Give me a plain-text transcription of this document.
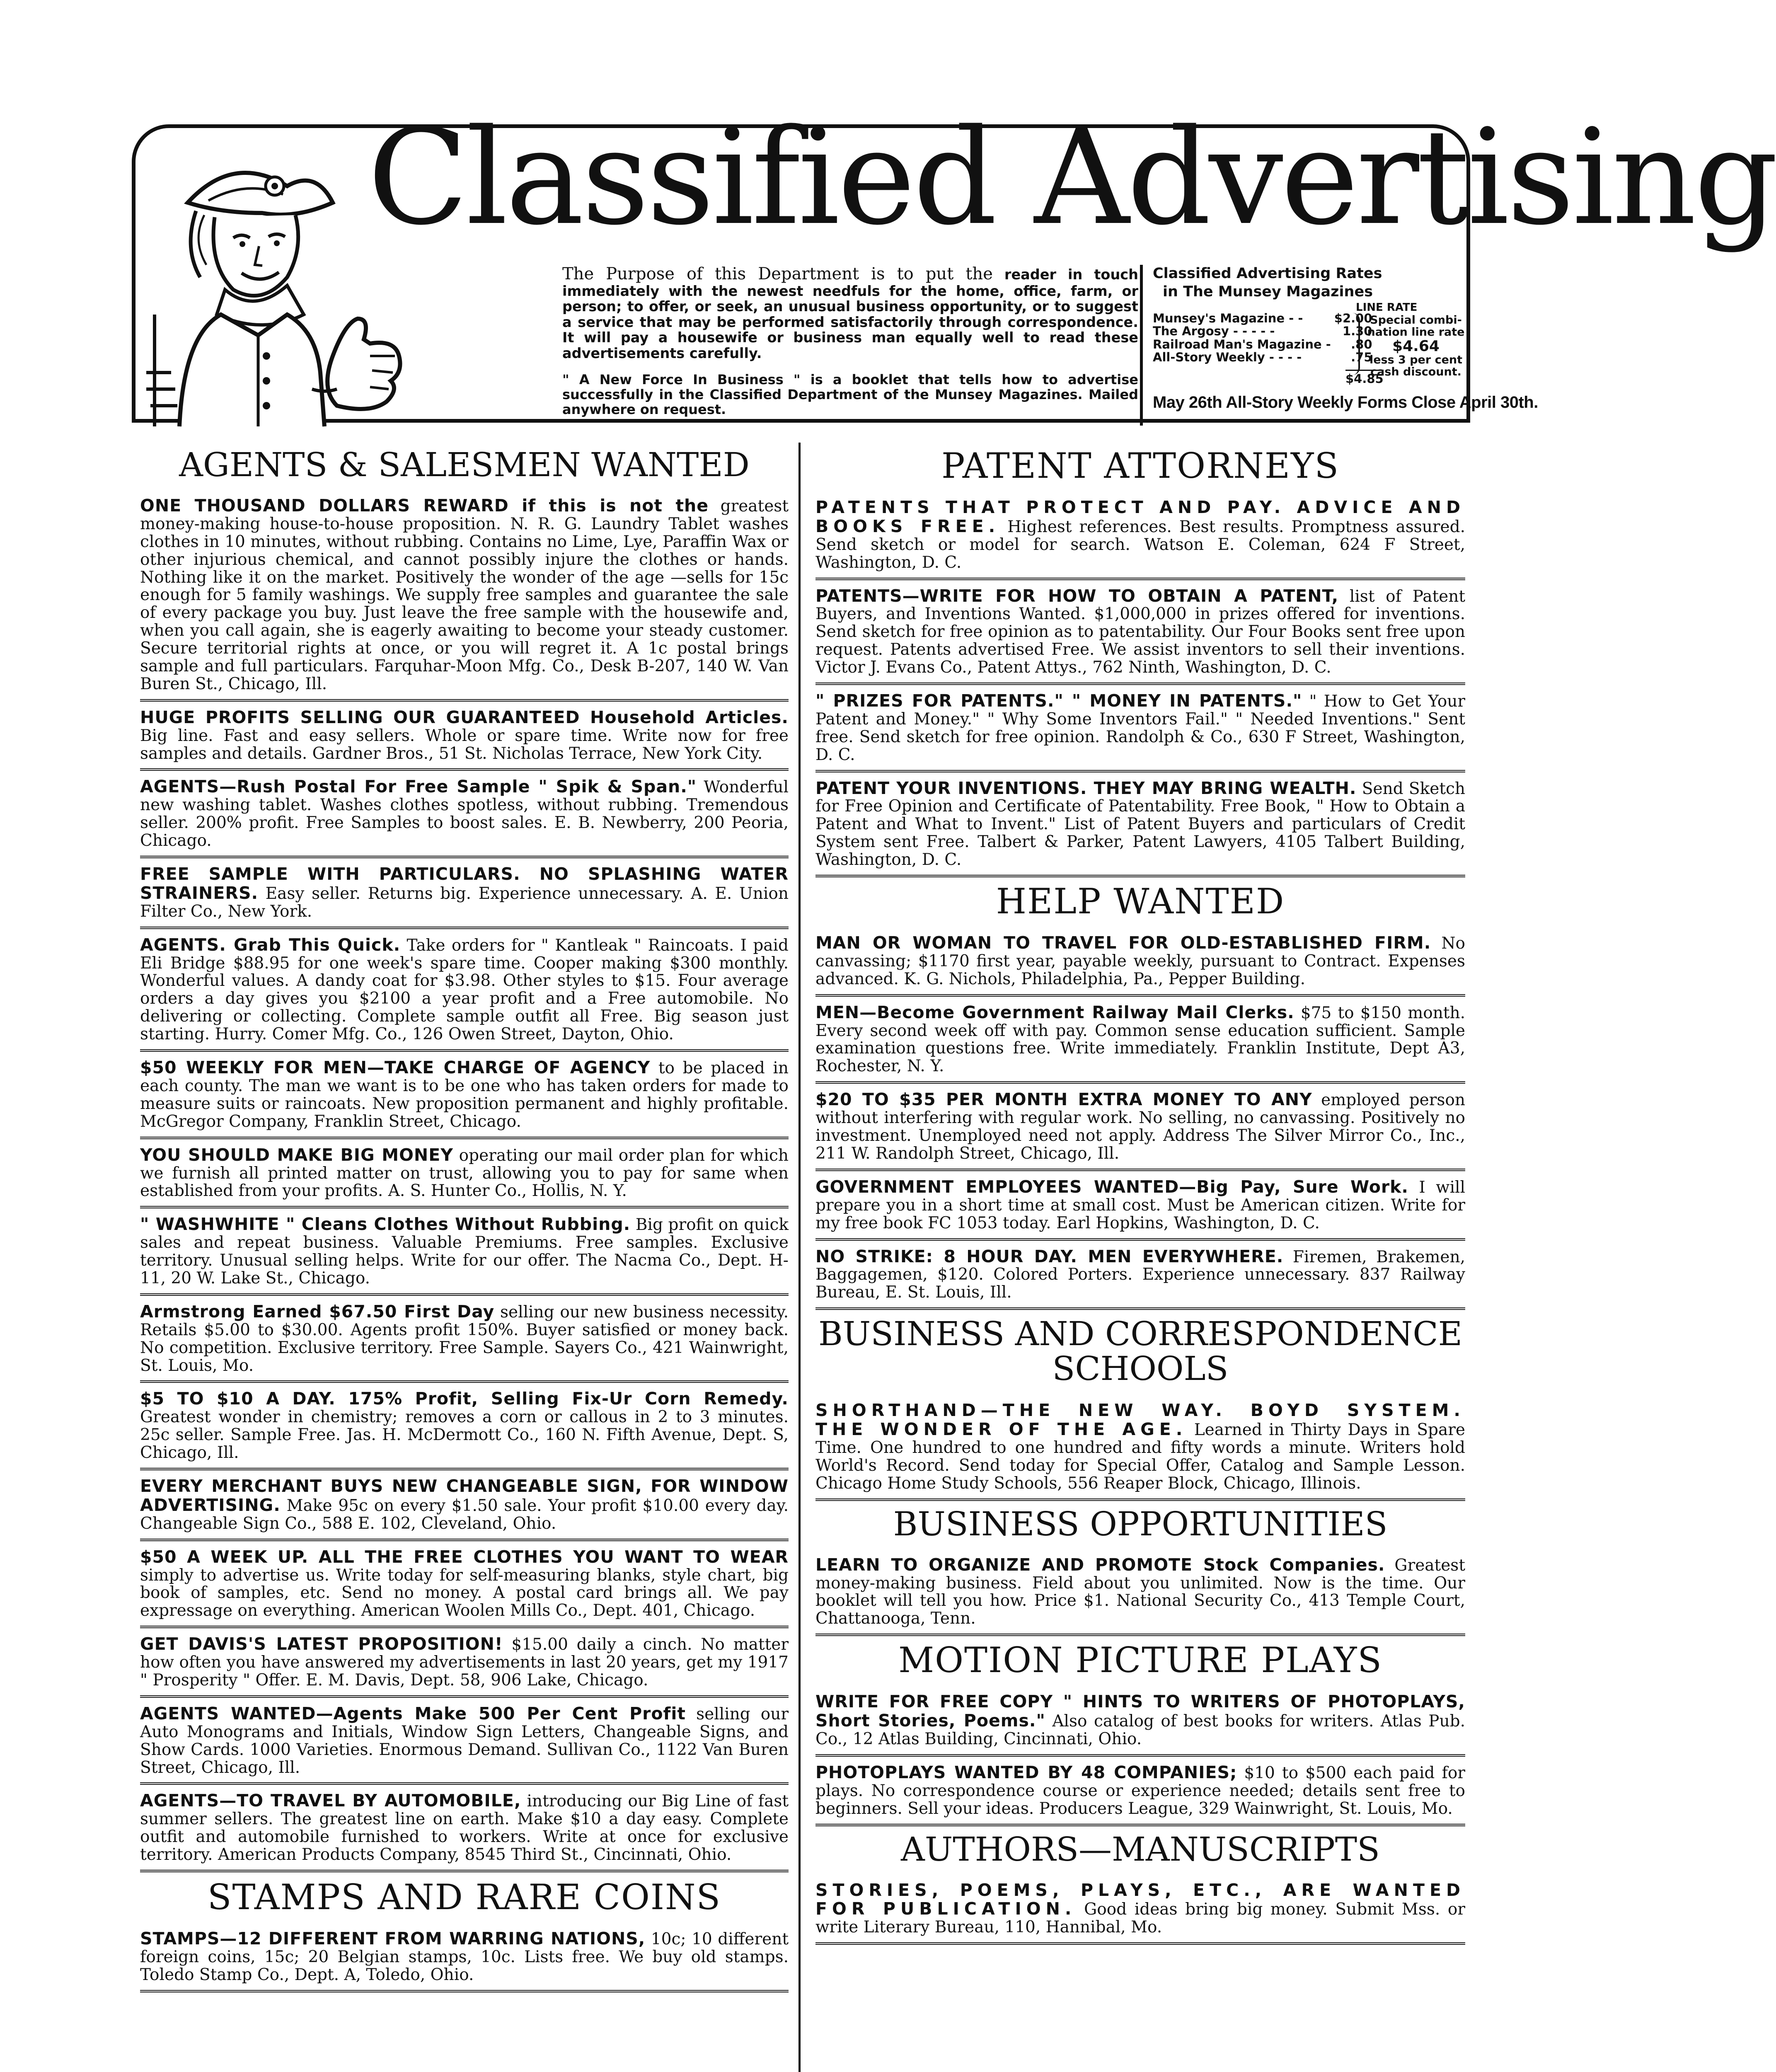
Classified Advertising
The Purpose of this Department is to put the reader in touch immediately with the newest needfuls for the home, office, farm, or person; to offer, or seek, an unusual business opportunity, or to suggest a service that may be performed satisfactorily through correspondence. It will pay a housewife or business man equally well to read these advertisements carefully.
" A New Force In Business " is a booklet that tells how to advertise successfully in the Classified Department of the Munsey Magazines. Mailed anywhere on request.
Classified Advertising Rates
in The Munsey Magazines
LINE RATE
Munsey's Magazine - -	$2.00
The Argosy - - - - -	1.30
Railroad Man's Magazine -	.80
All-Story Weekly - - - -	.75
$4.85
Special combi-
nation line rate
$4.64
less 3 per cent
cash discount.
May 26th All-Story Weekly Forms Close April 30th.
AGENTS & SALESMEN WANTED
ONE THOUSAND DOLLARS REWARD if this is not the greatest money-making house-to-house proposition. N. R. G. Laundry Tablet washes clothes in 10 minutes, without rubbing. Contains no Lime, Lye, Paraffin Wax or other injurious chemical, and cannot possibly injure the clothes or hands. Nothing like it on the market. Positively the wonder of the age —sells for 15c enough for 5 family washings. We supply free samples and guarantee the sale of every package you buy. Just leave the free sample with the housewife and, when you call again, she is eagerly awaiting to become your steady customer. Secure territorial rights at once, or you will regret it. A 1c postal brings sample and full particulars. Farquhar-Moon Mfg. Co., Desk B-207, 140 W. Van Buren St., Chicago, Ill.
HUGE PROFITS SELLING OUR GUARANTEED Household Articles. Big line. Fast and easy sellers. Whole or spare time. Write now for free samples and details. Gardner Bros., 51 St. Nicholas Terrace, New York City.
AGENTS—Rush Postal For Free Sample " Spik & Span." Wonderful new washing tablet. Washes clothes spotless, without rubbing. Tremendous seller. 200% profit. Free Samples to boost sales. E. B. Newberry, 200 Peoria, Chicago.
FREE SAMPLE WITH PARTICULARS. NO SPLASHING WATER STRAINERS. Easy seller. Returns big. Experience unnecessary. A. E. Union Filter Co., New York.
AGENTS. Grab This Quick. Take orders for " Kantleak " Raincoats. I paid Eli Bridge $88.95 for one week's spare time. Cooper making $300 monthly. Wonderful values. A dandy coat for $3.98. Other styles to $15. Four average orders a day gives you $2100 a year profit and a Free automobile. No delivering or collecting. Complete sample outfit all Free. Big season just starting. Hurry. Comer Mfg. Co., 126 Owen Street, Dayton, Ohio.
$50 WEEKLY FOR MEN—TAKE CHARGE OF AGENCY to be placed in each county. The man we want is to be one who has taken orders for made to measure suits or raincoats. New proposition permanent and highly profitable. McGregor Company, Franklin Street, Chicago.
YOU SHOULD MAKE BIG MONEY operating our mail order plan for which we furnish all printed matter on trust, allowing you to pay for same when established from your profits. A. S. Hunter Co., Hollis, N. Y.
" WASHWHITE " Cleans Clothes Without Rubbing. Big profit on quick sales and repeat business. Valuable Premiums. Free samples. Exclusive territory. Unusual selling helps. Write for our offer. The Nacma Co., Dept. H-11, 20 W. Lake St., Chicago.
Armstrong Earned $67.50 First Day selling our new business necessity. Retails $5.00 to $30.00. Agents profit 150%. Buyer satisfied or money back. No competition. Exclusive territory. Free Sample. Sayers Co., 421 Wainwright, St. Louis, Mo.
$5 TO $10 A DAY. 175% Profit, Selling Fix-Ur Corn Remedy. Greatest wonder in chemistry; removes a corn or callous in 2 to 3 minutes. 25c seller. Sample Free. Jas. H. McDermott Co., 160 N. Fifth Avenue, Dept. S, Chicago, Ill.
EVERY MERCHANT BUYS NEW CHANGEABLE SIGN, FOR WINDOW ADVERTISING. Make 95c on every $1.50 sale. Your profit $10.00 every day. Changeable Sign Co., 588 E. 102, Cleveland, Ohio.
$50 A WEEK UP. ALL THE FREE CLOTHES YOU WANT TO WEAR simply to advertise us. Write today for self-measuring blanks, style chart, big book of samples, etc. Send no money. A postal card brings all. We pay expressage on everything. American Woolen Mills Co., Dept. 401, Chicago.
GET DAVIS'S LATEST PROPOSITION! $15.00 daily a cinch. No matter how often you have answered my advertisements in last 20 years, get my 1917 " Prosperity " Offer. E. M. Davis, Dept. 58, 906 Lake, Chicago.
AGENTS WANTED—Agents Make 500 Per Cent Profit selling our Auto Monograms and Initials, Window Sign Letters, Changeable Signs, and Show Cards. 1000 Varieties. Enormous Demand. Sullivan Co., 1122 Van Buren Street, Chicago, Ill.
AGENTS—TO TRAVEL BY AUTOMOBILE, introducing our Big Line of fast summer sellers. The greatest line on earth. Make $10 a day easy. Complete outfit and automobile furnished to workers. Write at once for exclusive territory. American Products Company, 8545 Third St., Cincinnati, Ohio.
STAMPS AND RARE COINS
STAMPS—12 DIFFERENT FROM WARRING NATIONS, 10c; 10 different foreign coins, 15c; 20 Belgian stamps, 10c. Lists free. We buy old stamps. Toledo Stamp Co., Dept. A, Toledo, Ohio.
PATENT ATTORNEYS
PATENTS THAT PROTECT AND PAY. ADVICE AND BOOKS FREE. Highest references. Best results. Promptness assured. Send sketch or model for search. Watson E. Coleman, 624 F Street, Washington, D. C.
PATENTS—WRITE FOR HOW TO OBTAIN A PATENT, list of Patent Buyers, and Inventions Wanted. $1,000,000 in prizes offered for inventions. Send sketch for free opinion as to patentability. Our Four Books sent free upon request. Patents advertised Free. We assist inventors to sell their inventions. Victor J. Evans Co., Patent Attys., 762 Ninth, Washington, D. C.
" PRIZES FOR PATENTS." " MONEY IN PATENTS." " How to Get Your Patent and Money." " Why Some Inventors Fail." " Needed Inventions." Sent free. Send sketch for free opinion. Randolph & Co., 630 F Street, Washington, D. C.
PATENT YOUR INVENTIONS. THEY MAY BRING WEALTH. Send Sketch for Free Opinion and Certificate of Patentability. Free Book, " How to Obtain a Patent and What to Invent." List of Patent Buyers and particulars of Credit System sent Free. Talbert & Parker, Patent Lawyers, 4105 Talbert Building, Washington, D. C.
HELP WANTED
MAN OR WOMAN TO TRAVEL FOR OLD-ESTABLISHED FIRM. No canvassing; $1170 first year, payable weekly, pursuant to Contract. Expenses advanced. K. G. Nichols, Philadelphia, Pa., Pepper Building.
MEN—Become Government Railway Mail Clerks. $75 to $150 month. Every second week off with pay. Common sense education sufficient. Sample examination questions free. Write immediately. Franklin Institute, Dept A3, Rochester, N. Y.
$20 TO $35 PER MONTH EXTRA MONEY TO ANY employed person without interfering with regular work. No selling, no canvassing. Positively no investment. Unemployed need not apply. Address The Silver Mirror Co., Inc., 211 W. Randolph Street, Chicago, Ill.
GOVERNMENT EMPLOYEES WANTED—Big Pay, Sure Work. I will prepare you in a short time at small cost. Must be American citizen. Write for my free book FC 1053 today. Earl Hopkins, Washington, D. C.
NO STRIKE: 8 HOUR DAY. MEN EVERYWHERE. Firemen, Brakemen, Baggagemen, $120. Colored Porters. Experience unnecessary. 837 Railway Bureau, E. St. Louis, Ill.
BUSINESS AND CORRESPONDENCE SCHOOLS
SHORTHAND—THE NEW WAY. BOYD SYSTEM. THE WONDER OF THE AGE. Learned in Thirty Days in Spare Time. One hundred to one hundred and fifty words a minute. Writers hold World's Record. Send today for Special Offer, Catalog and Sample Lesson. Chicago Home Study Schools, 556 Reaper Block, Chicago, Illinois.
BUSINESS OPPORTUNITIES
LEARN TO ORGANIZE AND PROMOTE Stock Companies. Greatest money-making business. Field about you unlimited. Now is the time. Our booklet will tell you how. Price $1. National Security Co., 413 Temple Court, Chattanooga, Tenn.
MOTION PICTURE PLAYS
WRITE FOR FREE COPY " HINTS TO WRITERS OF PHOTOPLAYS, Short Stories, Poems." Also catalog of best books for writers. Atlas Pub. Co., 12 Atlas Building, Cincinnati, Ohio.
PHOTOPLAYS WANTED BY 48 COMPANIES; $10 to $500 each paid for plays. No correspondence course or experience needed; details sent free to beginners. Sell your ideas. Producers League, 329 Wainwright, St. Louis, Mo.
AUTHORS—MANUSCRIPTS
STORIES, POEMS, PLAYS, ETC., ARE WANTED FOR PUBLICATION. Good ideas bring big money. Submit Mss. or write Literary Bureau, 110, Hannibal, Mo.
